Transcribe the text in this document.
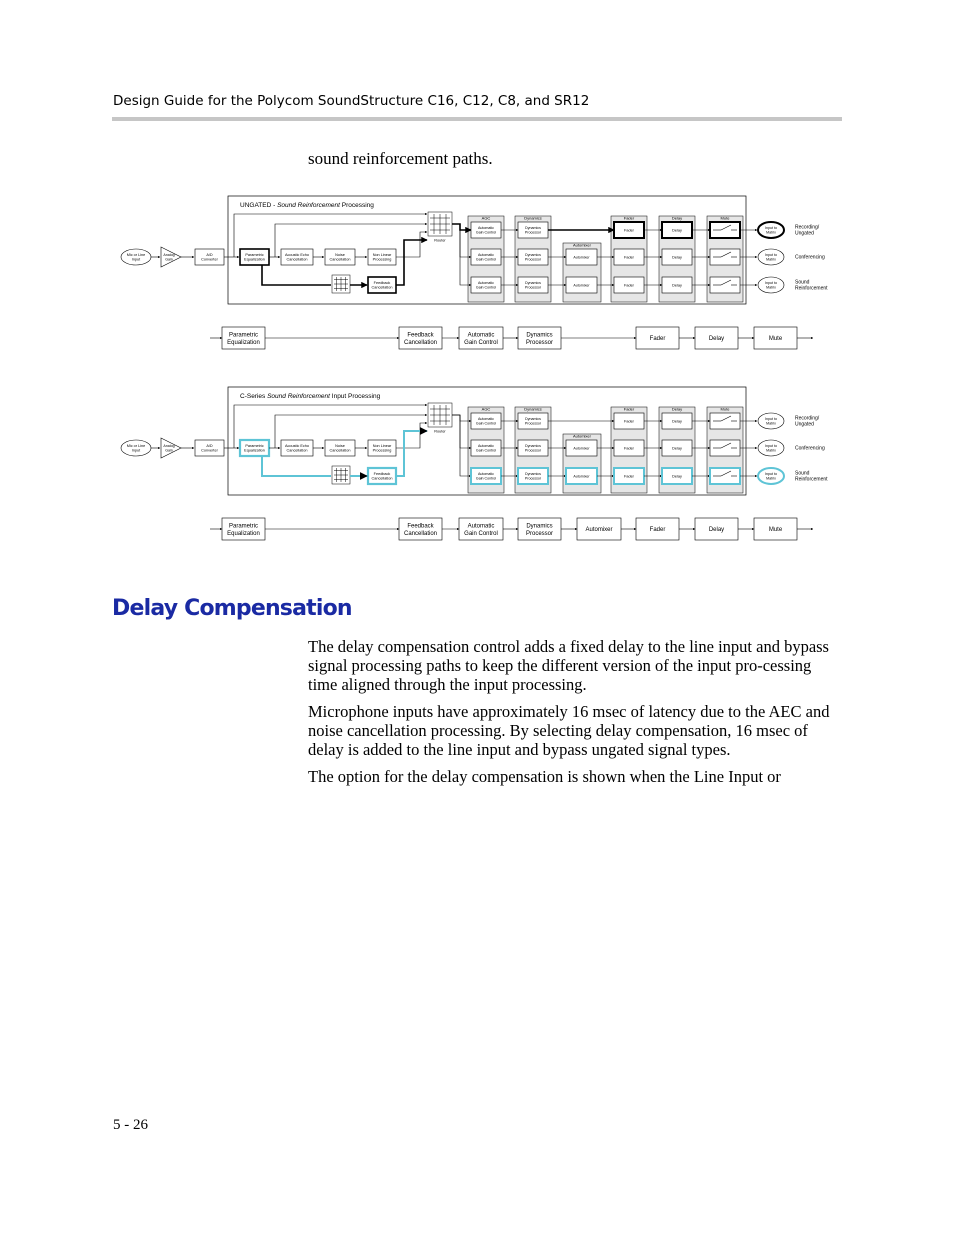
Design Guide for the Polycom SoundStructure C16, C12, C8, and SR12
sound reinforcement paths.
UNGATED - Sound Reinforcement Processing
Mic or Line
Input
Analog
Gain
A/D
Converter
Parametric
Equalization
Acoustic Echo
Cancellation
Noise
Cancellation
Non Linear
Processing
Feedback
Cancellation
Router
AGC	Dynamics	Fader	Delay	Mute
Automixer
Automatic
Gain Control
Dynamics
Processor
Fader	Delay
Input to
Matrix
Recording/
Ungated
Automatic
Gain Control
Dynamics
Processor
Automixer	Fader	Delay
Input to
Matrix	Conferencing
Automatic
Gain Control
Dynamics
Processor
Automixer	Fader	Delay
Input to
Matrix
Sound
Reinforcement
Parametric
Equalization
Feedback
Cancellation
Automatic
Gain Control
Dynamics
Processor
Fader	Delay	Mute
C-Series Sound Reinforcement Input Processing
Mic or Line
Input
Analog
Gain
A/D
Converter
Parametric
Equalization
Acoustic Echo
Cancellation
Noise
Cancellation
Non Linear
Processing
Feedback
Cancellation
Router
AGC	Dynamics	Fader	Delay	Mute
Automixer
Automatic
Gain Control
Dynamics
Processor
Fader	Delay
Input to
Matrix
Recording/
Ungated
Automatic
Gain Control
Dynamics
Processor
Automixer	Fader	Delay
Input to
Matrix	Conferencing
Automatic
Gain Control
Dynamics
Processor
Automixer	Fader	Delay
Input to
Matrix
Sound
Reinforcement
Parametric
Equalization
Feedback
Cancellation
Automatic
Gain Control
Dynamics
Processor
Automixer	Fader	Delay	Mute
Delay Compensation

The delay compensation control adds a fixed delay to the line input and bypass signal processing paths to keep the different version of the input pro-cessing time aligned through the input processing.

Microphone inputs have approximately 16 msec of latency due to the AEC and noise cancellation processing. By selecting delay compensation, 16 msec of delay is added to the line input and bypass ungated signal types.

The option for the delay compensation is shown when the Line Input or

5 - 26
